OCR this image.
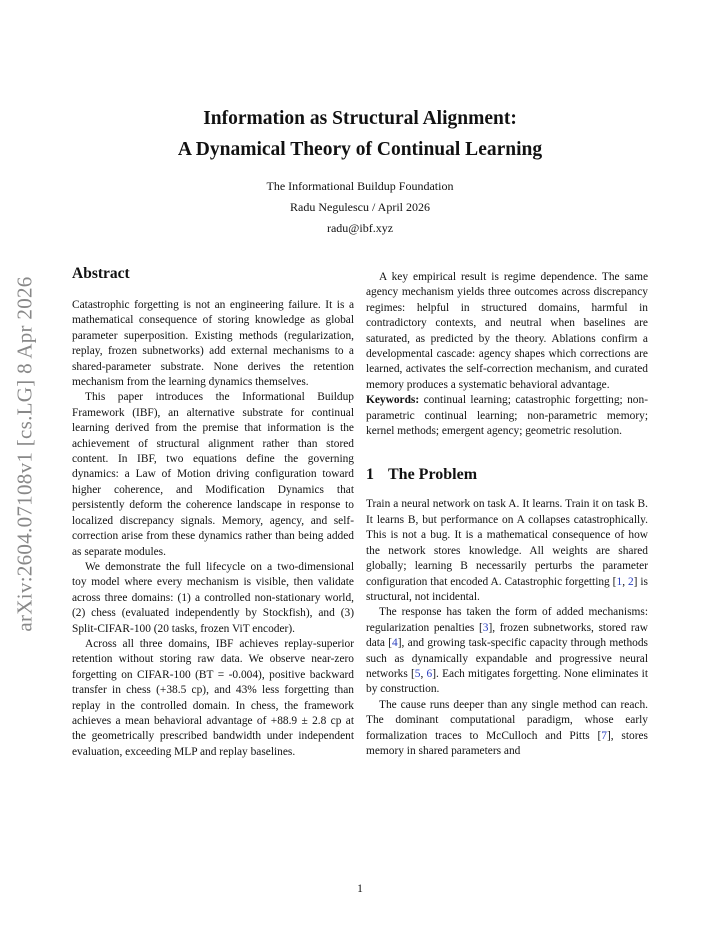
Information as Structural Alignment:
A Dynamical Theory of Continual Learning
The Informational Buildup Foundation
Radu Negulescu / April 2026
radu@ibf.xyz
arXiv:2604.07108v1 [cs.LG] 8 Apr 2026
Abstract

Catastrophic forgetting is not an engineering failure. It is a mathematical consequence of storing knowledge as global parameter superposition. Existing methods (regularization, replay, frozen subnetworks) add external mechanisms to a shared-parameter substrate. None derives the retention mechanism from the learning dynamics themselves.

This paper introduces the Informational Buildup Framework (IBF), an alternative substrate for continual learning derived from the premise that information is the achievement of structural alignment rather than stored content. In IBF, two equations define the governing dynamics: a Law of Motion driving configuration toward higher coherence, and Modification Dynamics that persistently deform the coherence landscape in response to localized discrepancy signals. Memory, agency, and self-correction arise from these dynamics rather than being added as separate modules.

We demonstrate the full lifecycle on a two-dimensional toy model where every mechanism is visible, then validate across three domains: (1) a controlled non-stationary world, (2) chess (evaluated independently by Stockfish), and (3) Split-CIFAR-100 (20 tasks, frozen ViT encoder).

Across all three domains, IBF achieves replay-superior retention without storing raw data. We observe near-zero forgetting on CIFAR-100 (BT = -0.004), positive backward transfer in chess (+38.5 cp), and 43% less forgetting than replay in the controlled domain. In chess, the framework achieves a mean behavioral advantage of +88.9 ± 2.8 cp at the geometrically prescribed bandwidth under independent evaluation, exceeding MLP and replay baselines.

A key empirical result is regime dependence. The same agency mechanism yields three outcomes across discrepancy regimes: helpful in structured domains, harmful in contradictory contexts, and neutral when baselines are saturated, as predicted by the theory. Ablations confirm a developmental cascade: agency shapes which corrections are learned, activates the self-correction mechanism, and curated memory produces a systematic behavioral advantage.

Keywords: continual learning; catastrophic forgetting; non-parametric continual learning; non-parametric memory; kernel methods; emergent agency; geometric resolution.

1 The Problem

Train a neural network on task A. It learns. Train it on task B. It learns B, but performance on A collapses catastrophically. This is not a bug. It is a mathematical consequence of how the network stores knowledge. All weights are shared globally; learning B necessarily perturbs the parameter configuration that encoded A. Catastrophic forgetting [1, 2] is structural, not incidental.

The response has taken the form of added mechanisms: regularization penalties [3], frozen subnetworks, stored raw data [4], and growing task-specific capacity through methods such as dynamically expandable and progressive neural networks [5, 6]. Each mitigates forgetting. None eliminates it by construction.

The cause runs deeper than any single method can reach. The dominant computational paradigm, whose early formalization traces to McCulloch and Pitts [7], stores memory in shared parameters and

1
